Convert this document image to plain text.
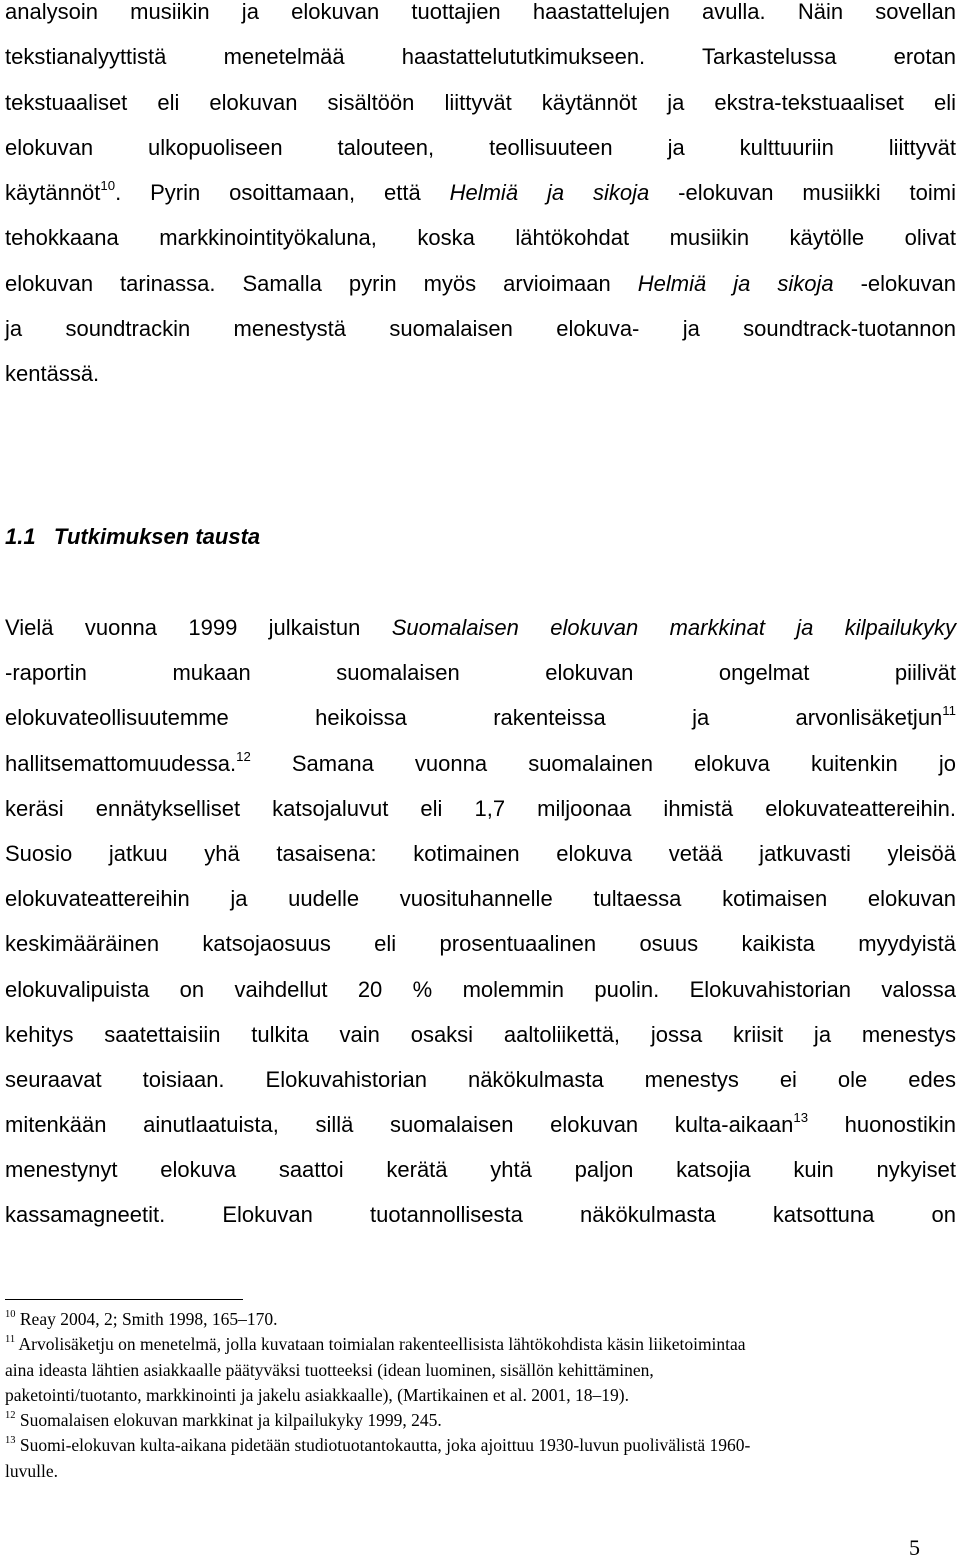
analysoin musiikin ja elokuvan tuottajien haastattelujen avulla. Näin sovellan
tekstianalyyttistä menetelmää haastattelututkimukseen. Tarkastelussa erotan
tekstuaaliset eli elokuvan sisältöön liittyvät käytännöt ja ekstra-tekstuaaliset eli
elokuvan ulkopuoliseen talouteen, teollisuuteen ja kulttuuriin liittyvät
käytännöt$^{10}$. Pyrin osoittamaan, että Helmiä ja sikoja -elokuvan musiikki toimi
tehokkaana markkinointityökaluna, koska lähtökohdat musiikin käytölle olivat
elokuvan tarinassa. Samalla pyrin myös arvioimaan Helmiä ja sikoja -elokuvan
ja soundtrackin menestystä suomalaisen elokuva- ja soundtrack-tuotannon
kentässä.
1.1   Tutkimuksen tausta
Vielä vuonna 1999 julkaistun Suomalaisen elokuvan markkinat ja kilpailukyky
-raportin mukaan suomalaisen elokuvan ongelmat piilivät
elokuvateollisuutemme heikoissa rakenteissa ja arvonlisäketjun$^{11}$
hallitsemattomuudessa.$^{12}$ Samana vuonna suomalainen elokuva kuitenkin jo
keräsi ennätykselliset katsojaluvut eli 1,7 miljoonaa ihmistä elokuvateattereihin.
Suosio jatkuu yhä tasaisena: kotimainen elokuva vetää jatkuvasti yleisöä
elokuvateattereihin ja uudelle vuosituhannelle tultaessa kotimaisen elokuvan
keskimääräinen katsojaosuus eli prosentuaalinen osuus kaikista myydyistä
elokuvalipuista on vaihdellut 20 % molemmin puolin. Elokuvahistorian valossa
kehitys saatettaisiin tulkita vain osaksi aaltoliikettä, jossa kriisit ja menestys
seuraavat toisiaan. Elokuvahistorian näkökulmasta menestys ei ole edes
mitenkään ainutlaatuista, sillä suomalaisen elokuvan kulta-aikaan$^{13}$ huonostikin
menestynyt elokuva saattoi kerätä yhtä paljon katsojia kuin nykyiset
kassamagneetit. Elokuvan tuotannollisesta näkökulmasta katsottuna on
$^{10}$ Reay 2004, 2; Smith 1998, 165–170.
$^{11}$ Arvolisäketju on menetelmä, jolla kuvataan toimialan rakenteellisista lähtökohdista käsin liiketoimintaa
aina ideasta lähtien asiakkaalle päätyväksi tuotteeksi (idean luominen, sisällön kehittäminen,
paketointi/tuotanto, markkinointi ja jakelu asiakkaalle), (Martikainen et al. 2001, 18–19).
$^{12}$ Suomalaisen elokuvan markkinat ja kilpailukyky 1999, 245.
$^{13}$ Suomi-elokuvan kulta-aikana pidetään studiotuotantokautta, joka ajoittuu 1930-luvun puolivälistä 1960-
luvulle.
5
